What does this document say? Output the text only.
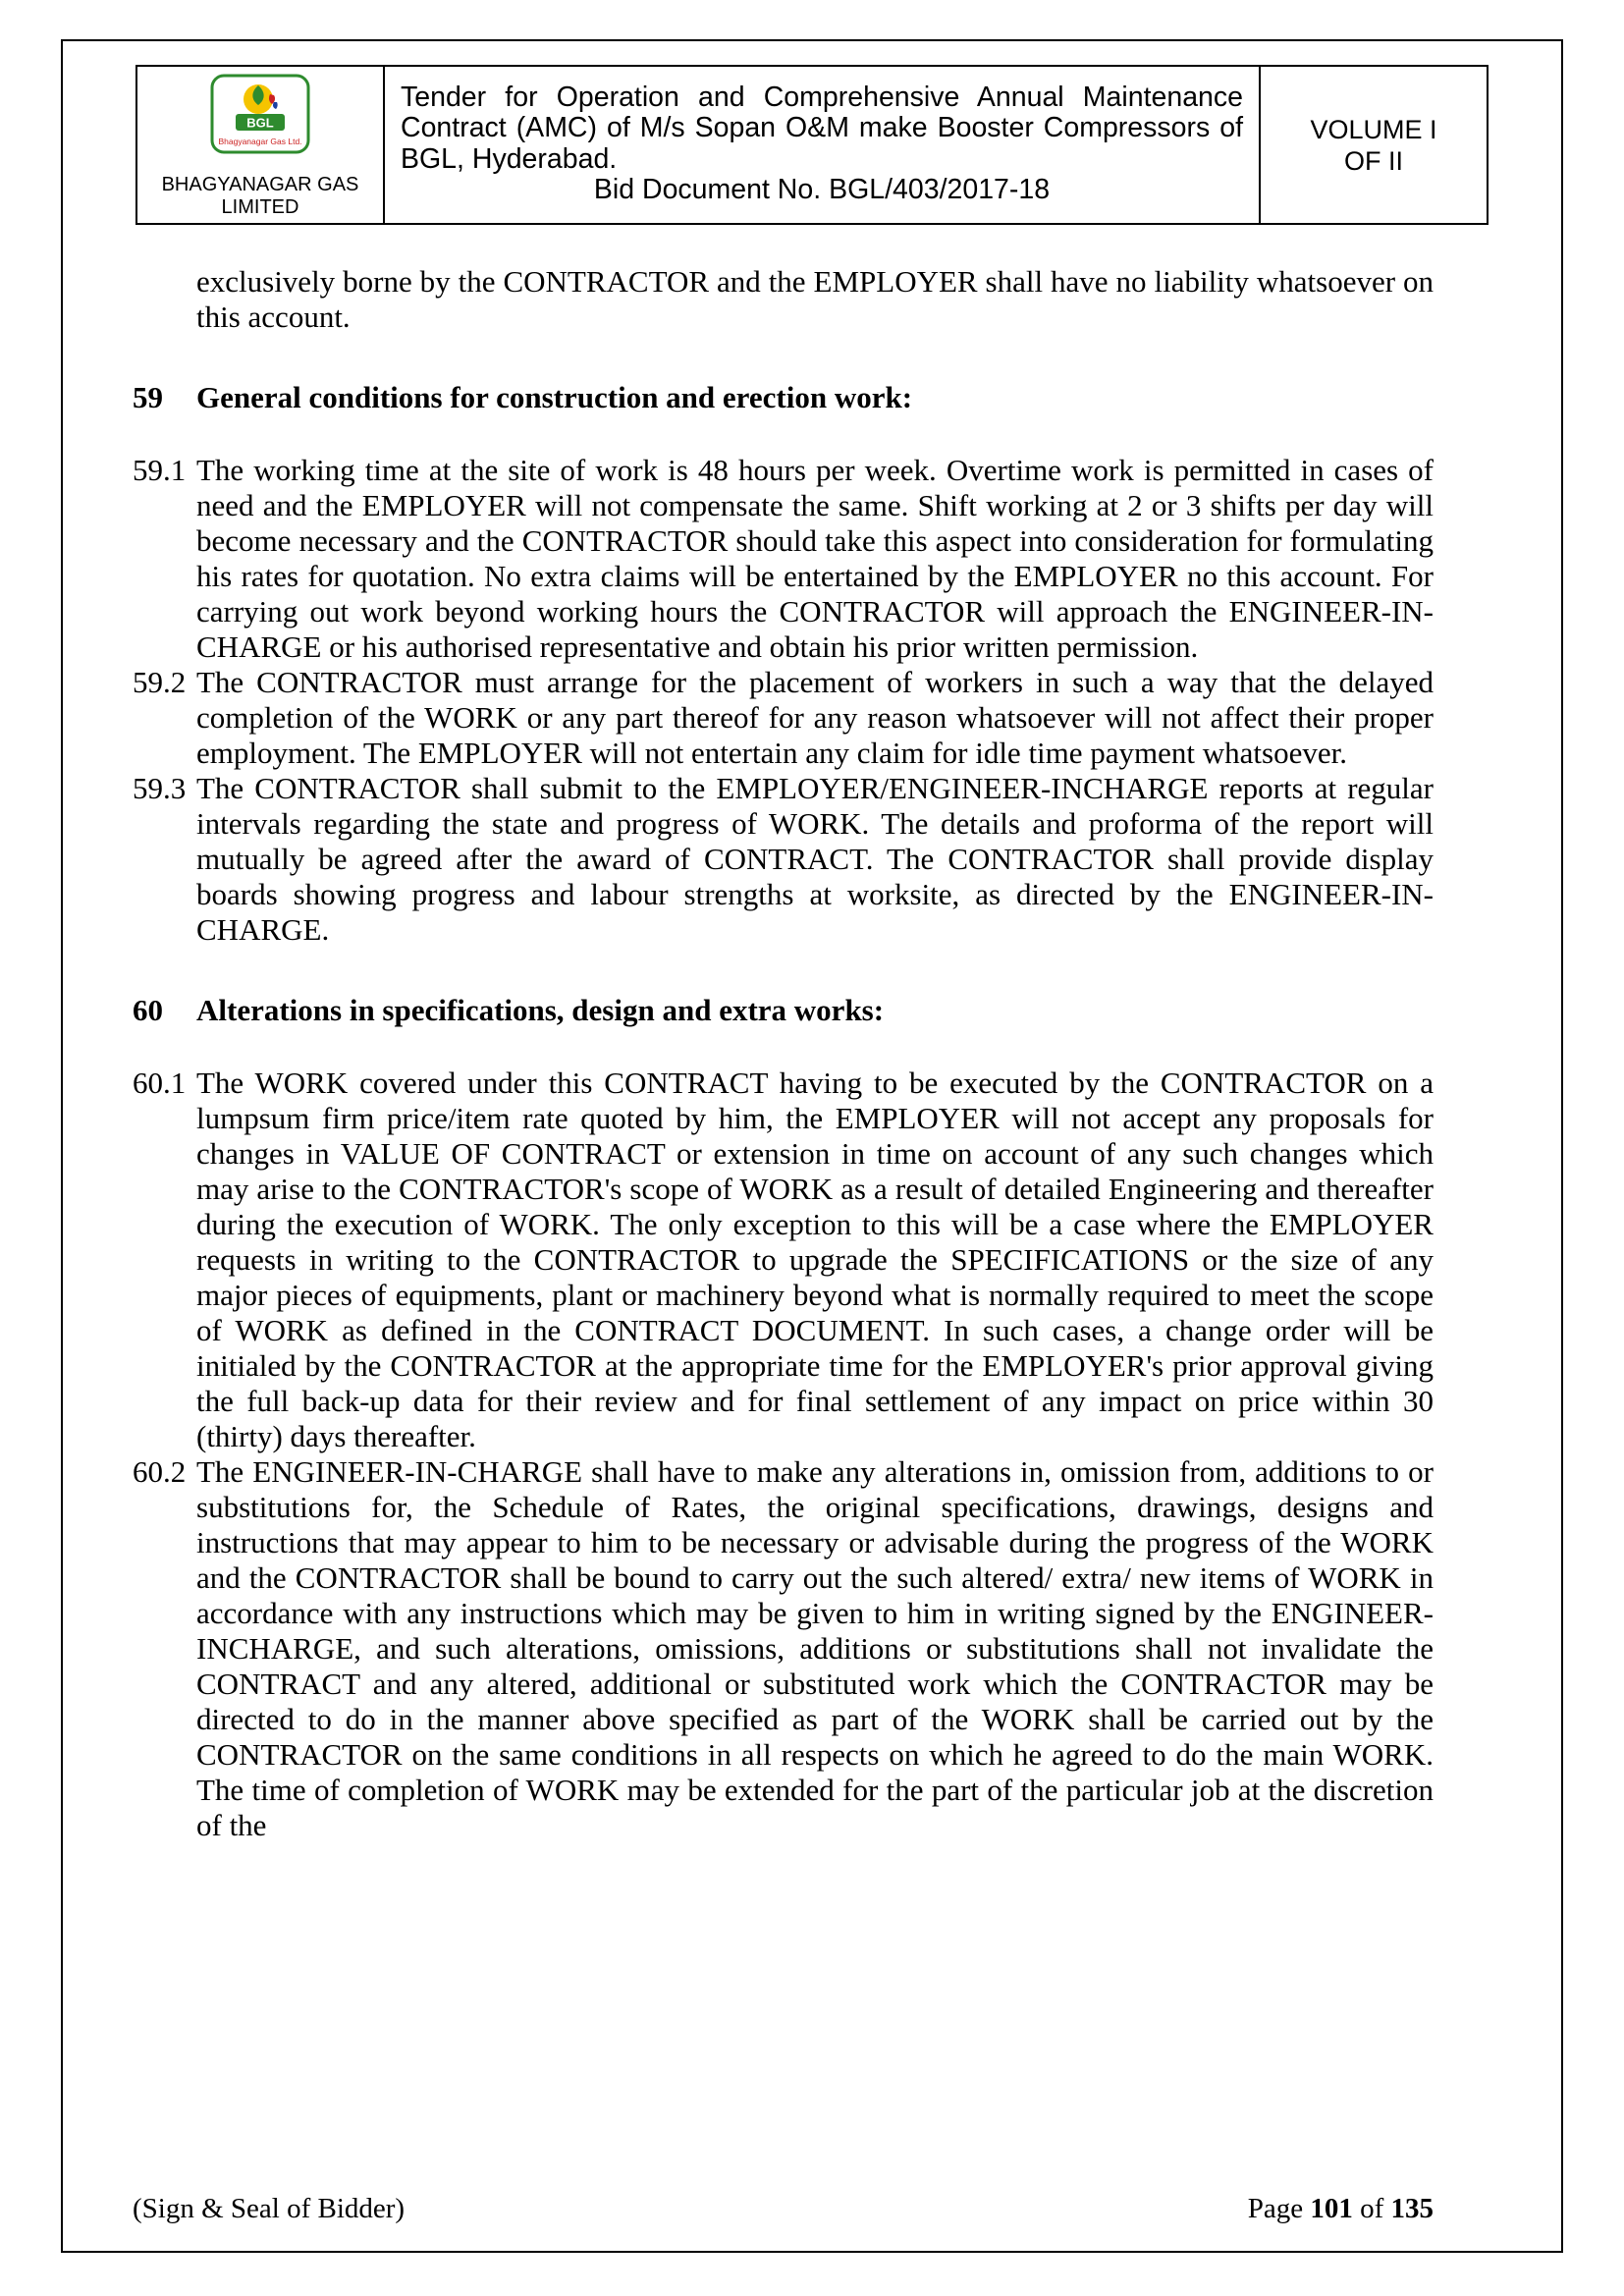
BGL
Bhagyanagar Gas Ltd.
BHAGYANAGAR GAS LIMITED

Tender for Operation and Comprehensive Annual Maintenance Contract (AMC) of M/s Sopan O&M make Booster Compressors of BGL, Hyderabad.
Bid Document No. BGL/403/2017-18

VOLUME I
OF II

exclusively borne by the CONTRACTOR and the EMPLOYER shall have no liability whatsoever on this account.

59	General conditions for construction and erection work:
59.1 The working time at the site of work is 48 hours per week. Overtime work is permitted in cases of need and the EMPLOYER will not compensate the same. Shift working at 2 or 3 shifts per day will become necessary and the CONTRACTOR should take this aspect into consideration for formulating his rates for quotation. No extra claims will be entertained by the EMPLOYER no this account. For carrying out work beyond working hours the CONTRACTOR will approach the ENGINEER-IN-CHARGE or his authorised representative and obtain his prior written permission.
59.2 The CONTRACTOR must arrange for the placement of workers in such a way that the delayed completion of the WORK or any part thereof for any reason whatsoever will not affect their proper employment. The EMPLOYER will not entertain any claim for idle time payment whatsoever.
59.3 The CONTRACTOR shall submit to the EMPLOYER/ENGINEER-INCHARGE reports at regular intervals regarding the state and progress of WORK. The details and proforma of the report will mutually be agreed after the award of CONTRACT. The CONTRACTOR shall provide display boards showing progress and labour strengths at worksite, as directed by the ENGINEER-IN-CHARGE.
60	Alterations in specifications, design and extra works:
60.1 The WORK covered under this CONTRACT having to be executed by the CONTRACTOR on a lumpsum firm price/item rate quoted by him, the EMPLOYER will not accept any proposals for changes in VALUE OF CONTRACT or extension in time on account of any such changes which may arise to the CONTRACTOR's scope of WORK as a result of detailed Engineering and thereafter during the execution of WORK. The only exception to this will be a case where the EMPLOYER requests in writing to the CONTRACTOR to upgrade the SPECIFICATIONS or the size of any major pieces of equipments, plant or machinery beyond what is normally required to meet the scope of WORK as defined in the CONTRACT DOCUMENT. In such cases, a change order will be initialed by the CONTRACTOR at the appropriate time for the EMPLOYER's prior approval giving the full back-up data for their review and for final settlement of any impact on price within 30 (thirty) days thereafter.
60.2 The ENGINEER-IN-CHARGE shall have to make any alterations in, omission from, additions to or substitutions for, the Schedule of Rates, the original specifications, drawings, designs and instructions that may appear to him to be necessary or advisable during the progress of the WORK and the CONTRACTOR shall be bound to carry out the such altered/ extra/ new items of WORK in accordance with any instructions which may be given to him in writing signed by the ENGINEER-INCHARGE, and such alterations, omissions, additions or substitutions shall not invalidate the CONTRACT and any altered, additional or substituted work which the CONTRACTOR may be directed to do in the manner above specified as part of the WORK shall be carried out by the CONTRACTOR on the same conditions in all respects on which he agreed to do the main WORK. The time of completion of WORK may be extended for the part of the particular job at the discretion of the
(Sign & Seal of Bidder)	Page 101 of 135
